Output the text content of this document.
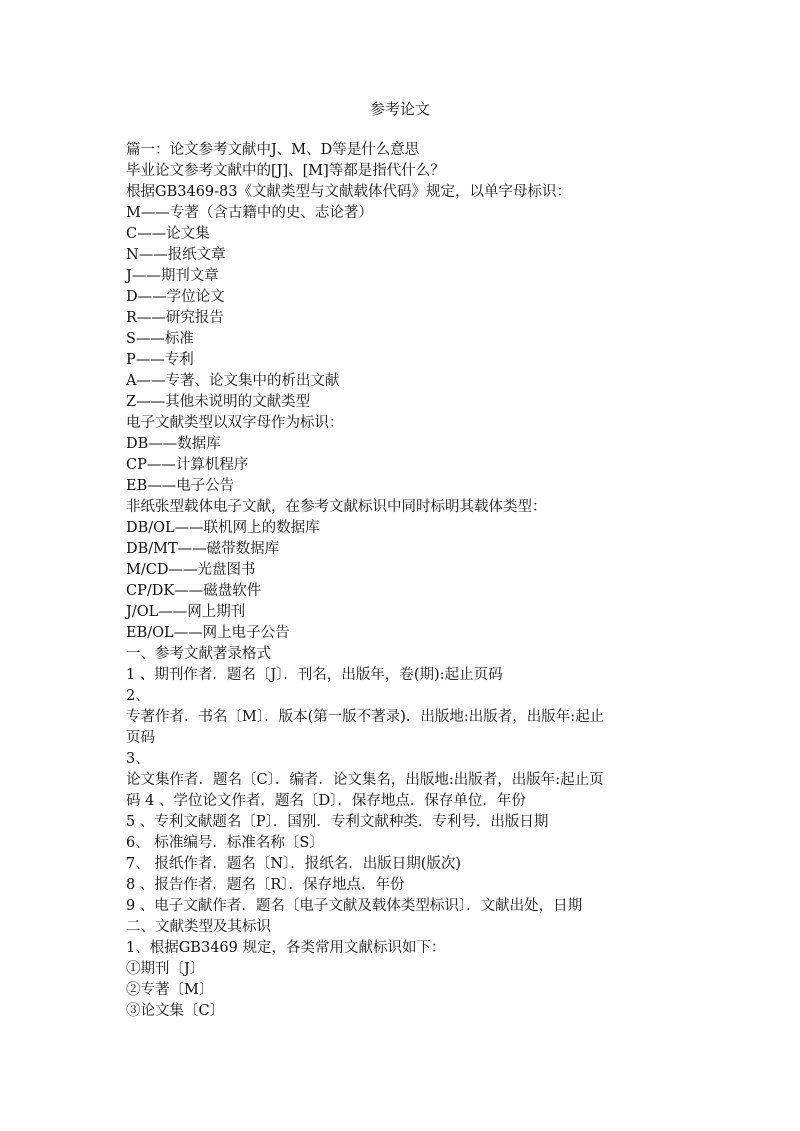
参考论文

篇一：论文参考文献中J、M、D等是什么意思

毕业论文参考文献中的[J]、[M]等都是指代什么？

根据GB3469-83《文献类型与文献载体代码》规定，以单字母标识：

M——专著（含古籍中的史、志论著）

C——论文集

N——报纸文章

J——期刊文章

D——学位论文

R——研究报告

S——标准

P——专利

A——专著、论文集中的析出文献

Z——其他未说明的文献类型

电子文献类型以双字母作为标识：

DB——数据库

CP——计算机程序

EB——电子公告

非纸张型载体电子文献，在参考文献标识中同时标明其载体类型：

DB/OL——联机网上的数据库

DB/MT——磁带数据库

M/CD——光盘图书

CP/DK——磁盘软件

J/OL——网上期刊

EB/OL——网上电子公告

一、参考文献著录格式

1 、期刊作者．题名〔J〕．刊名，出版年，卷(期):起止页码

2、

专著作者．书名〔M〕．版本(第一版不著录)．出版地:出版者，出版年:起止

页码

3、

论文集作者．题名〔C〕．编者．论文集名，出版地:出版者，出版年:起止页

码 4 、学位论文作者．题名〔D〕．保存地点．保存单位．年份

5 、专利文献题名〔P〕．国别．专利文献种类．专利号．出版日期

6、 标准编号．标准名称〔S〕

7、 报纸作者．题名〔N〕．报纸名．出版日期(版次)

8 、报告作者．题名〔R〕．保存地点．年份

9 、电子文献作者．题名〔电子文献及载体类型标识〕．文献出处，日期

二、文献类型及其标识

1、根据GB3469 规定，各类常用文献标识如下：

①期刊〔J〕

②专著〔M〕

③论文集〔C〕
